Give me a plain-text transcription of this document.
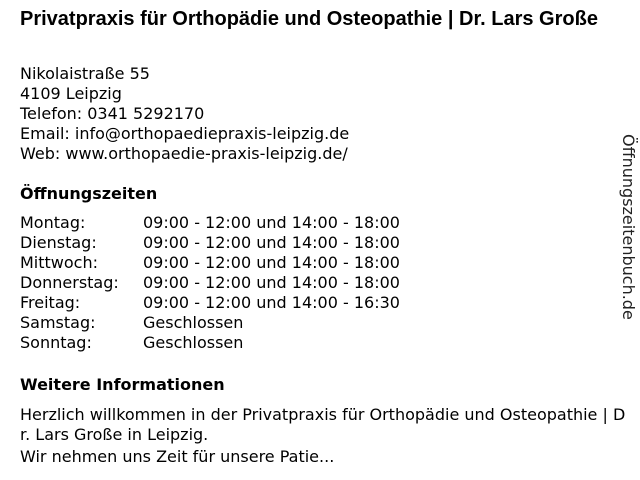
Privatpraxis für Orthopädie und Osteopathie | Dr. Lars Große
Nikolaistraße 55
4109 Leipzig
Telefon: 0341 5292170
Email: info@orthopaediepraxis-leipzig.de
Web: www.orthopaedie-praxis-leipzig.de/
Öffnungszeiten
Montag:	09:00 - 12:00 und 14:00 - 18:00
Dienstag:	09:00 - 12:00 und 14:00 - 18:00
Mittwoch:	09:00 - 12:00 und 14:00 - 18:00
Donnerstag: 09:00 - 12:00 und 14:00 - 18:00
Freitag:	09:00 - 12:00 und 14:00 - 16:30
Samstag:	Geschlossen
Sonntag:	Geschlossen
Weitere Informationen

Herzlich willkommen in der Privatpraxis für Orthopädie und Osteopathie | Dr. Lars Große in Leipzig.

Wir nehmen uns Zeit für unsere Patie...

Öffnungszeitenbuch.de
